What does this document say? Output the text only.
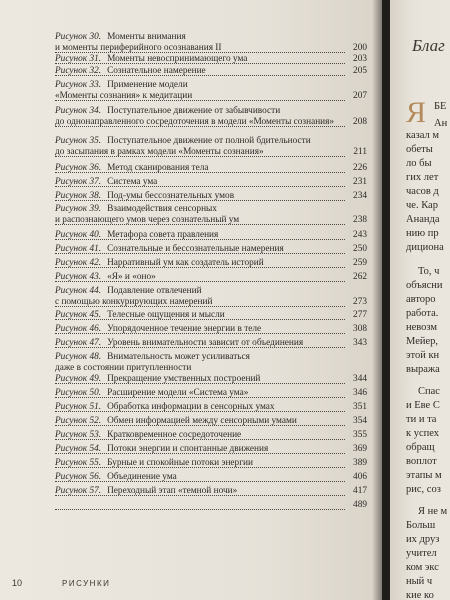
Рисунок 30. Моменты внимания
и моменты периферийного осознавания II	200
Рисунок 31. Моменты невоспринимающего ума	203
Рисунок 32. Сознательное намерение	205
Рисунок 33. Применение модели
«Моменты сознания» к медитации	207
Рисунок 34. Поступательное движение от забывчивости
до однонаправленного сосредоточения в модели «Моменты сознания» 208
Рисунок 35. Поступательное движение от полной бдительности
до засыпания в рамках модели «Моменты сознания»	211
Рисунок 36. Метод сканирования тела	226
Рисунок 37. Система ума	231
Рисунок 38. Под-умы бессознательных умов	234
Рисунок 39. Взаимодействия сенсорных
и распознающего умов через сознательный ум	238
Рисунок 40. Метафора совета правления	243
Рисунок 41. Сознательные и бессознательные намерения	250
Рисунок 42. Нарративный ум как создатель историй	259
Рисунок 43. «Я» и «оно»	262
Рисунок 44. Подавление отвлечений
с помощью конкурирующих намерений	273
Рисунок 45. Телесные ощущения и мысли	277
Рисунок 46. Упорядоченное течение энергии в теле	308
Рисунок 47. Уровень внимательности зависит от объединения	343
Рисунок 48. Внимательность может усиливаться
даже в состоянии притупленности
Рисунок 49. Прекращение умственных построений	344
Рисунок 50. Расширение модели «Система ума»	346
Рисунок 51. Обработка информации в сенсорных умах	351
Рисунок 52. Обмен информацией между сенсорными умами	354
Рисунок 53. Кратковременное сосредоточение	355
Рисунок 54. Потоки энергии и спонтанные движения	369
Рисунок 55. Бурные и спокойные потоки энергии	389
Рисунок 56. Объединение ума	406
Рисунок 57. Переходный этап «темной ночи»	417
489
10	РИСУНКИ
Благ
Я БЕ
Ан
казал м
обеты
ло бы
гих лет
часов д
че. Кар
Ананда
нию пр
дициона
То, ч
объясни
авторо
работа.
невозм
Мейер,
этой кн
выража
Спас
и Еве С
ти и та
к успех
обращ
воплот
этапы м
рис, соз
Я не м
Больш
их друз
учител
ком экс
ный ч
кие ко
